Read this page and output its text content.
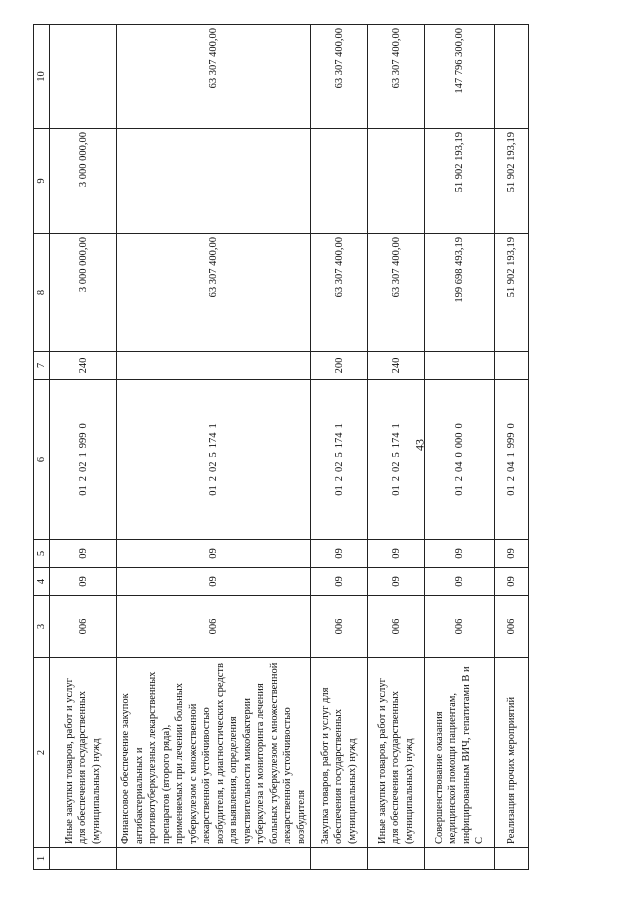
43
1	2	3	4	5	6	7	8	9	10
	Иные закупки товаров, работ и услуг для обеспечения государственных (муниципальных) нужд	006	09	09	0120219990	240	3 000 000,00	3 000 000,00	
	Финансовое обеспечение закупок антибактериальных и противотуберкулезных лекарственных препаратов (второго ряда), применяемых при лечении больных туберкулезом с множественной лекарственной устойчивостью возбудителя, и диагностических средств для выявления, определения чувствительности микобактерии туберкулеза и мониторинга лечения больных туберкулезом с множественной лекарственной устойчивостью возбудителя	006	09	09	0120251741		63 307 400,00		63 307 400,00
	Закупка товаров, работ и услуг для обеспечения государственных (муниципальных) нужд	006	09	09	0120251741	200	63 307 400,00		63 307 400,00
	Иные закупки товаров, работ и услуг для обеспечения государственных (муниципальных) нужд	006	09	09	0120251741	240	63 307 400,00		63 307 400,00
	Совершенствование оказания медицинской помощи пациентам, инфицированным ВИЧ, гепатитами В и С	006	09	09	0120400000		199 698 493,19	51 902 193,19	147 796 300,00
	Реализация прочих мероприятий	006	09	09	0120419990		51 902 193,19	51 902 193,19	
